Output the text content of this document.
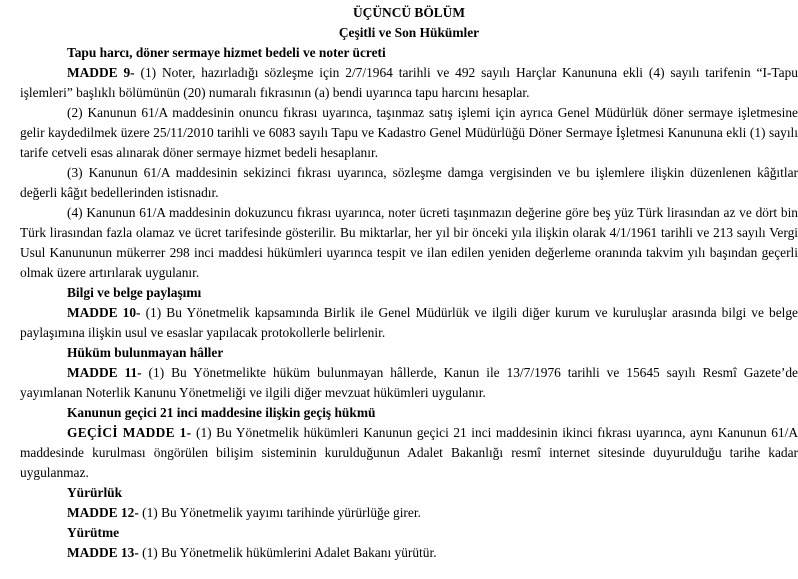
ÜÇÜNCÜ BÖLÜM
Çeşitli ve Son Hükümler
Tapu harcı, döner sermaye hizmet bedeli ve noter ücreti

MADDE 9- (1) Noter, hazırladığı sözleşme için 2/7/1964 tarihli ve 492 sayılı Harçlar Kanununa ekli (4) sayılı tarifenin “I-Tapu işlemleri” başlıklı bölümünün (20) numaralı fıkrasının (a) bendi uyarınca tapu harcını hesaplar.

(2) Kanunun 61/A maddesinin onuncu fıkrası uyarınca, taşınmaz satış işlemi için ayrıca Genel Müdürlük döner sermaye işletmesine gelir kaydedilmek üzere 25/11/2010 tarihli ve 6083 sayılı Tapu ve Kadastro Genel Müdürlüğü Döner Sermaye İşletmesi Kanununa ekli (1) sayılı tarife cetveli esas alınarak döner sermaye hizmet bedeli hesaplanır.

(3) Kanunun 61/A maddesinin sekizinci fıkrası uyarınca, sözleşme damga vergisinden ve bu işlemlere ilişkin düzenlenen kâğıtlar değerli kâğıt bedellerinden istisnadır.

(4) Kanunun 61/A maddesinin dokuzuncu fıkrası uyarınca, noter ücreti taşınmazın değerine göre beş yüz Türk lirasından az ve dört bin Türk lirasından fazla olamaz ve ücret tarifesinde gösterilir. Bu miktarlar, her yıl bir önceki yıla ilişkin olarak 4/1/1961 tarihli ve 213 sayılı Vergi Usul Kanununun mükerrer 298 inci maddesi hükümleri uyarınca tespit ve ilan edilen yeniden değerleme oranında takvim yılı başından geçerli olmak üzere artırılarak uygulanır.

Bilgi ve belge paylaşımı

MADDE 10- (1) Bu Yönetmelik kapsamında Birlik ile Genel Müdürlük ve ilgili diğer kurum ve kuruluşlar arasında bilgi ve belge paylaşımına ilişkin usul ve esaslar yapılacak protokollerle belirlenir.

Hüküm bulunmayan hâller

MADDE 11- (1) Bu Yönetmelikte hüküm bulunmayan hâllerde, Kanun ile 13/7/1976 tarihli ve 15645 sayılı Resmî Gazete’de yayımlanan Noterlik Kanunu Yönetmeliği ve ilgili diğer mevzuat hükümleri uygulanır.

Kanunun geçici 21 inci maddesine ilişkin geçiş hükmü

GEÇİCİ MADDE 1- (1) Bu Yönetmelik hükümleri Kanunun geçici 21 inci maddesinin ikinci fıkrası uyarınca, aynı Kanunun 61/A maddesinde kurulması öngörülen bilişim sisteminin kurulduğunun Adalet Bakanlığı resmî internet sitesinde duyurulduğu tarihe kadar uygulanmaz.

Yürürlük

MADDE 12- (1) Bu Yönetmelik yayımı tarihinde yürürlüğe girer.

Yürütme

MADDE 13- (1) Bu Yönetmelik hükümlerini Adalet Bakanı yürütür.
